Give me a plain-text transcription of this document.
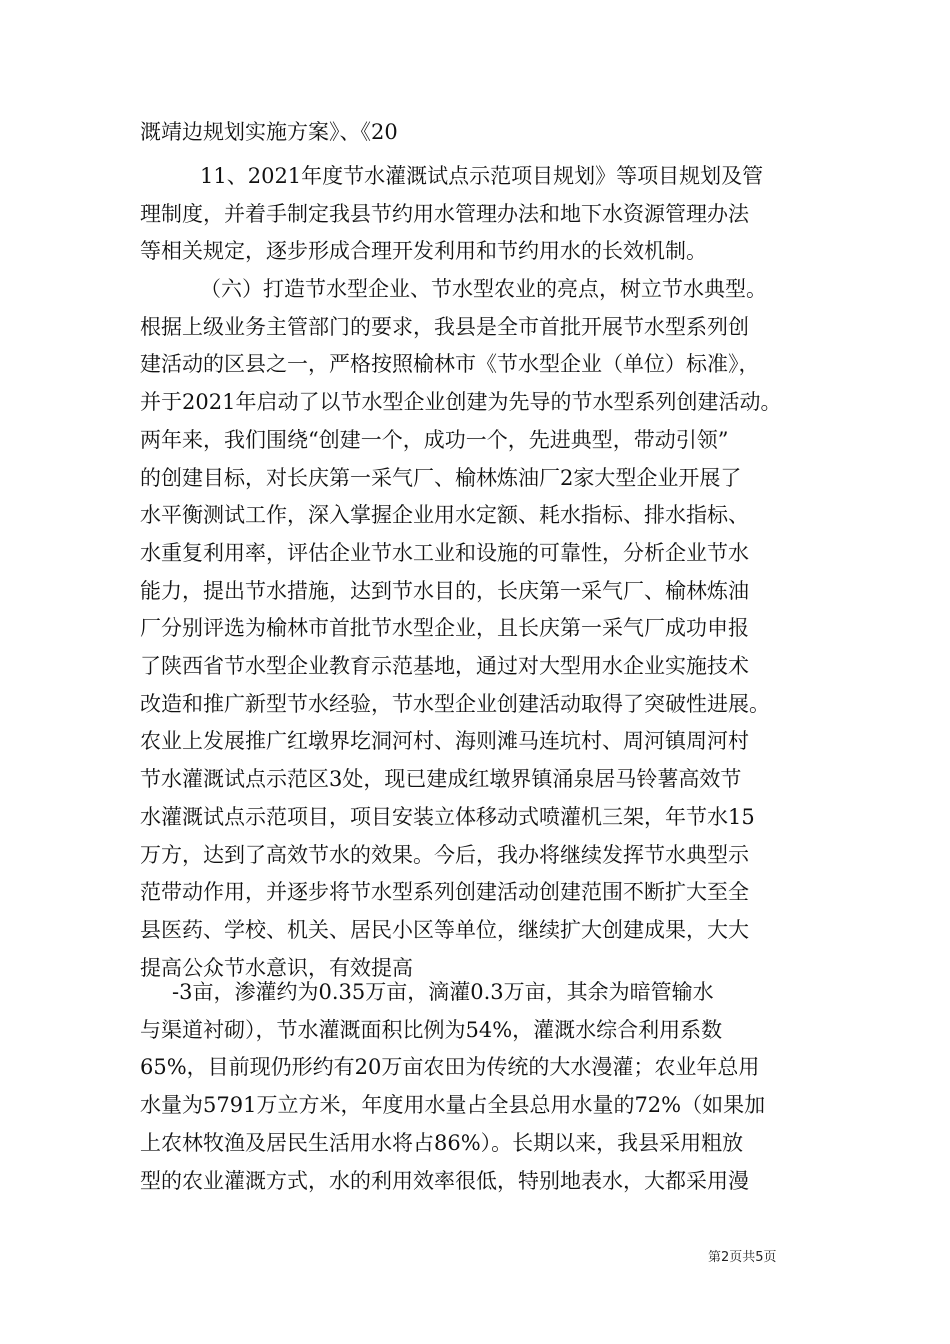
溉靖边规划实施方案》、《20
11、2021年度节水灌溉试点示范项目规划》等项目规划及管
理制度，并着手制定我县节约用水管理办法和地下水资源管理办法
等相关规定，逐步形成合理开发利用和节约用水的长效机制。
（六）打造节水型企业、节水型农业的亮点，树立节水典型。
根据上级业务主管部门的要求，我县是全市首批开展节水型系列创
建活动的区县之一，严格按照榆林市《节水型企业（单位）标准》，
并于2021年启动了以节水型企业创建为先导的节水型系列创建活动。
两年来，我们围绕“创建一个，成功一个，先进典型，带动引领”
的创建目标，对长庆第一采气厂、榆林炼油厂2家大型企业开展了
水平衡测试工作，深入掌握企业用水定额、耗水指标、排水指标、
水重复利用率，评估企业节水工业和设施的可靠性，分析企业节水
能力，提出节水措施，达到节水目的，长庆第一采气厂、榆林炼油
厂分别评选为榆林市首批节水型企业，且长庆第一采气厂成功申报
了陕西省节水型企业教育示范基地，通过对大型用水企业实施技术
改造和推广新型节水经验，节水型企业创建活动取得了突破性进展。
农业上发展推广红墩界圪洞河村、海则滩马连坑村、周河镇周河村
节水灌溉试点示范区3处，现已建成红墩界镇涌泉居马铃薯高效节
水灌溉试点示范项目，项目安装立体移动式喷灌机三架，年节水15
万方，达到了高效节水的效果。今后，我办将继续发挥节水典型示
范带动作用，并逐步将节水型系列创建活动创建范围不断扩大至全
县医药、学校、机关、居民小区等单位，继续扩大创建成果，大大
提高公众节水意识，有效提高
-3亩，渗灌约为0.35万亩，滴灌0.3万亩，其余为暗管输水
与渠道衬砌），节水灌溉面积比例为54%，灌溉水综合利用系数
65%，目前现仍形约有20万亩农田为传统的大水漫灌；农业年总用
水量为5791万立方米，年度用水量占全县总用水量的72%（如果加
上农林牧渔及居民生活用水将占86%）。长期以来，我县采用粗放
型的农业灌溉方式，水的利用效率很低，特别地表水，大都采用漫
第2页共5页
